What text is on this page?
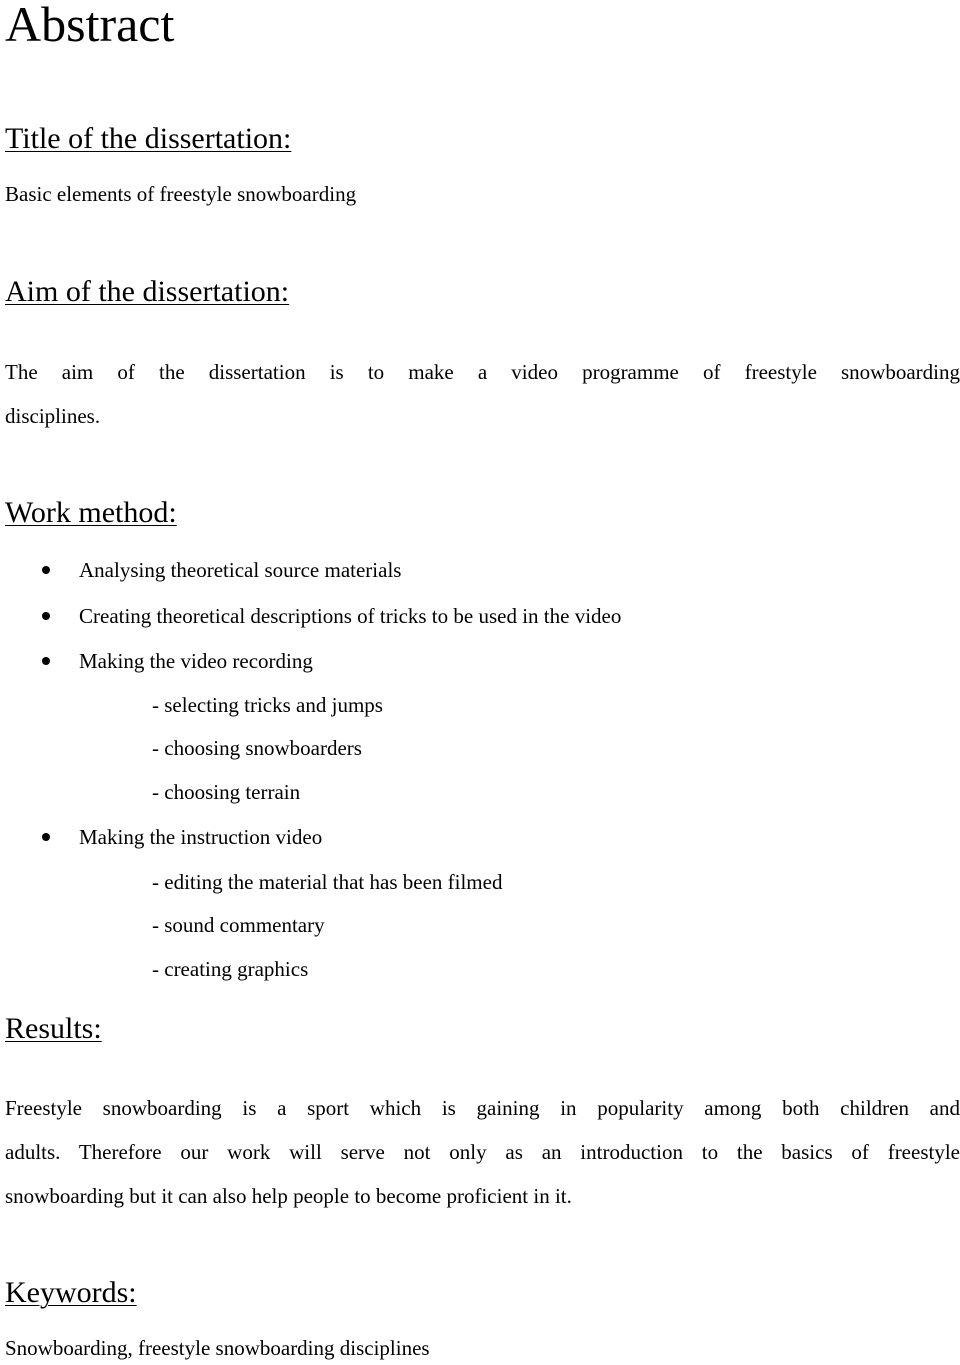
Abstract
Title of the dissertation:

Basic elements of freestyle snowboarding

Aim of the dissertation:
The aim of the dissertation is to make a video programme of freestyle snowboarding
disciplines.
Work method:
Analysing theoretical source materials
Creating theoretical descriptions of tricks to be used in the video
Making the video recording
- selecting tricks and jumps
- choosing snowboarders
- choosing terrain
Making the instruction video
- editing the material that has been filmed
- sound commentary
- creating graphics
Results:
Freestyle snowboarding is a sport which is gaining in popularity among both children and
adults. Therefore our work will serve not only as an introduction to the basics of freestyle
snowboarding but it can also help people to become proficient in it.
Keywords:

Snowboarding, freestyle snowboarding disciplines
